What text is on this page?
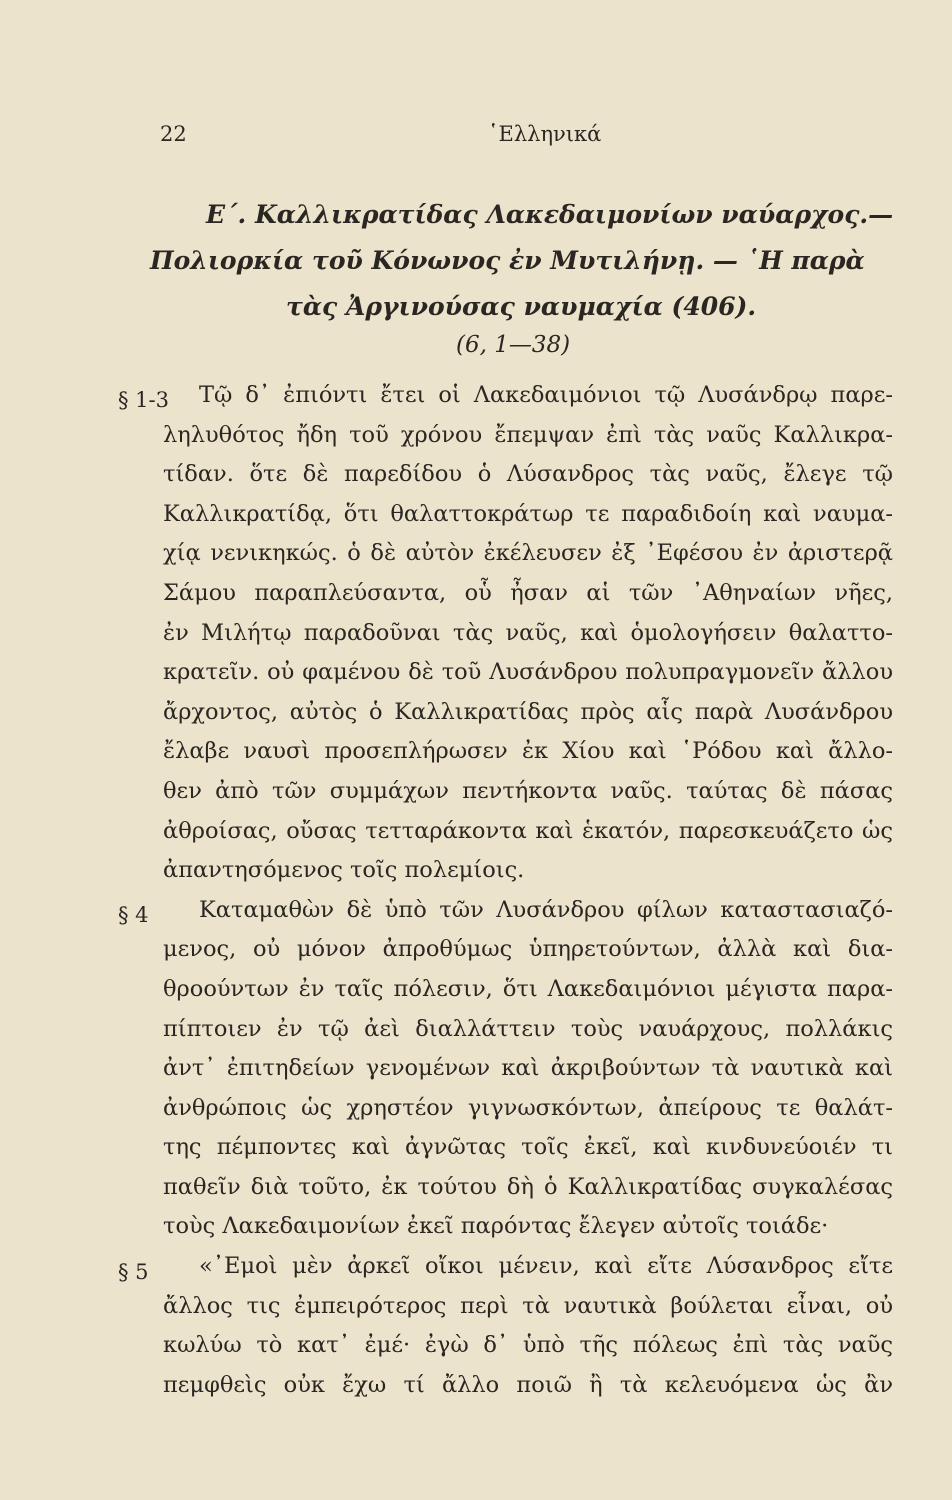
22	῾Ελληνικά
Ε΄. Καλλικρατίδας Λακεδαιμονίων ναύαρχος.—
Πολιορκία τοῦ Κόνωνος ἐν Μυτιλήνῃ. — ῾Η παρὰ
τὰς Ἀργινούσας ναυμαχία (406).
(6, 1—38)
§ 1-3
§ 4
§ 5
Τῷ δ᾿ ἐπιόντι ἔτει οἱ Λακεδαιμόνιοι τῷ Λυσάνδρῳ παρε-
ληλυθότος ἤδη τοῦ χρόνου ἔπεμψαν ἐπὶ τὰς ναῦς Καλλικρα-
τίδαν. ὅτε δὲ παρεδίδου ὁ Λύσανδρος τὰς ναῦς, ἔλεγε τῷ
Καλλικρατίδᾳ, ὅτι θαλαττοκράτωρ τε παραδιδοίη καὶ ναυμα-
χίᾳ νενικηκώς. ὁ δὲ αὐτὸν ἐκέλευσεν ἐξ ᾿Εφέσου ἐν ἀριστερᾷ
Σάμου παραπλεύσαντα, οὗ ἦσαν αἱ τῶν ᾿Αθηναίων νῆες,
ἐν Μιλήτῳ παραδοῦναι τὰς ναῦς, καὶ ὁμολογήσειν θαλαττο-
κρατεῖν. οὐ φαμένου δὲ τοῦ Λυσάνδρου πολυπραγμονεῖν ἄλλου
ἄρχοντος, αὐτὸς ὁ Καλλικρατίδας πρὸς αἷς παρὰ Λυσάνδρου
ἔλαβε ναυσὶ προσεπλήρωσεν ἐκ Χίου καὶ ῾Ρόδου καὶ ἄλλο-
θεν ἀπὸ τῶν συμμάχων πεντήκοντα ναῦς. ταύτας δὲ πάσας
ἀθροίσας, οὔσας τετταράκοντα καὶ ἑκατόν, παρεσκευάζετο ὡς
ἀπαντησόμενος τοῖς πολεμίοις.
Καταμαθὼν δὲ ὑπὸ τῶν Λυσάνδρου φίλων καταστασιαζό-
μενος, οὐ μόνον ἀπροθύμως ὑπηρετούντων, ἀλλὰ καὶ δια-
θροούντων ἐν ταῖς πόλεσιν, ὅτι Λακεδαιμόνιοι μέγιστα παρα-
πίπτοιεν ἐν τῷ ἀεὶ διαλλάττειν τοὺς ναυάρχους, πολλάκις
ἀντ᾿ ἐπιτηδείων γενομένων καὶ ἀκριβούντων τὰ ναυτικὰ καὶ
ἀνθρώποις ὡς χρηστέον γιγνωσκόντων, ἀπείρους τε θαλάτ-
της πέμποντες καὶ ἀγνῶτας τοῖς ἐκεῖ, καὶ κινδυνεύοιέν τι
παθεῖν διὰ τοῦτο, ἐκ τούτου δὴ ὁ Καλλικρατίδας συγκαλέσας
τοὺς Λακεδαιμονίων ἐκεῖ παρόντας ἔλεγεν αὐτοῖς τοιάδε·
«᾿Εμοὶ μὲν ἀρκεῖ οἴκοι μένειν, καὶ εἴτε Λύσανδρος εἴτε
ἄλλος τις ἐμπειρότερος περὶ τὰ ναυτικὰ βούλεται εἶναι, οὐ
κωλύω τὸ κατ᾿ ἐμέ· ἐγὼ δ᾿ ὑπὸ τῆς πόλεως ἐπὶ τὰς ναῦς
πεμφθεὶς οὐκ ἔχω τί ἄλλο ποιῶ ἢ τὰ κελευόμενα ὡς ἂν
